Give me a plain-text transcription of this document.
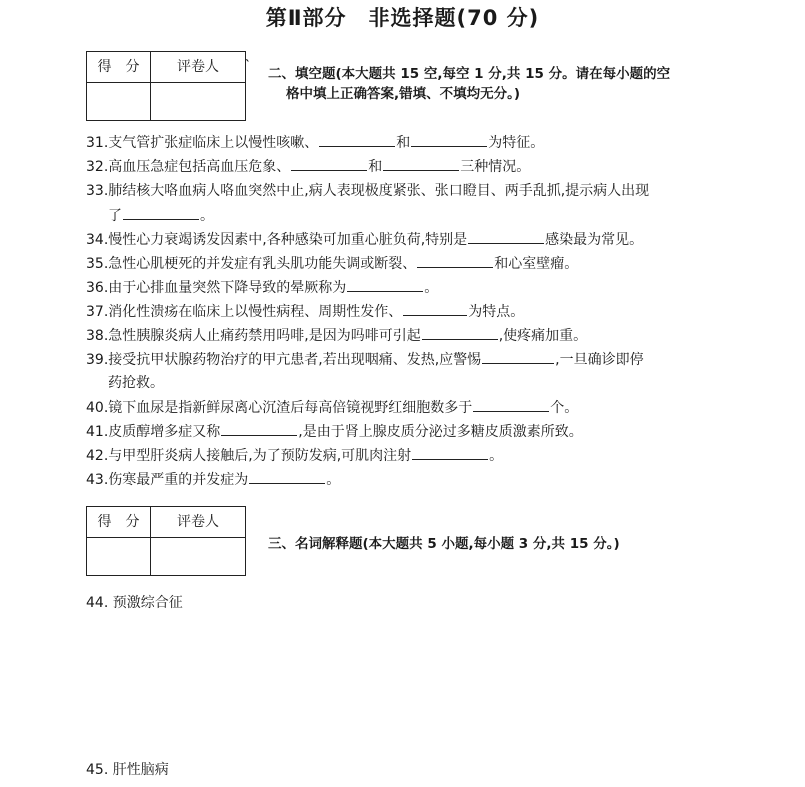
第Ⅱ部分　非选择题(70 分)
得　分	评卷人	`
二、填空题(本大题共 15 空,每空 1 分,共 15 分。请在每小题的空
格中填上正确答案,错填、不填均无分。)
31.支气管扩张症临床上以慢性咳嗽、	和	为特征。
32.高血压急症包括高血压危象、	和	三种情况。
33.肺结核大咯血病人咯血突然中止,病人表现极度紧张、张口瞪目、两手乱抓,提示病人出现
了	。
34.慢性心力衰竭诱发因素中,各种感染可加重心脏负荷,特别是	感染最为常见。
35.急性心肌梗死的并发症有乳头肌功能失调或断裂、	和心室壁瘤。
36.由于心排血量突然下降导致的晕厥称为	。
37.消化性溃疡在临床上以慢性病程、周期性发作、	为特点。
38.急性胰腺炎病人止痛药禁用吗啡,是因为吗啡可引起	,使疼痛加重。
39.接受抗甲状腺药物治疗的甲亢患者,若出现咽痛、发热,应警惕	,一旦确诊即停
药抢救。
40.镜下血尿是指新鲜尿离心沉渣后每高倍镜视野红细胞数多于	个。
41.皮质醇增多症又称	,是由于肾上腺皮质分泌过多糖皮质激素所致。
42.与甲型肝炎病人接触后,为了预防发病,可肌肉注射	。
43.伤寒最严重的并发症为	。
得　分	评卷人
三、名词解释题(本大题共 5 小题,每小题 3 分,共 15 分。)
44. 预激综合征
45. 肝性脑病
